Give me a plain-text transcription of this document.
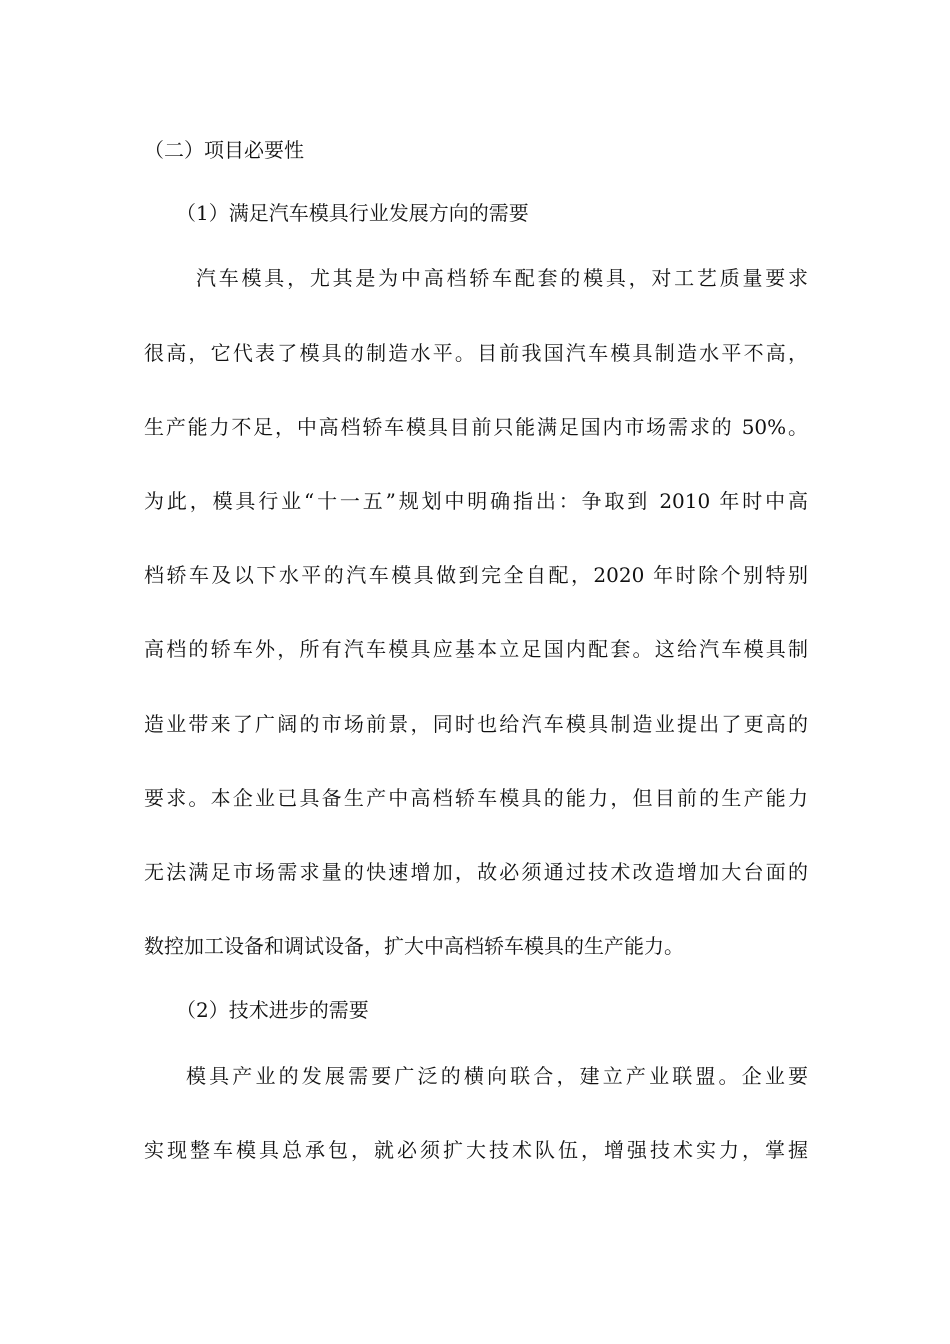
（二）项目必要性
（1）满足汽车模具行业发展方向的需要
汽车模具，尤其是为中高档轿车配套的模具，对工艺质量要求
很高，它代表了模具的制造水平。目前我国汽车模具制造水平不高，
生产能力不足，中高档轿车模具目前只能满足国内市场需求的 50%。
为此，模具行业“十一五”规划中明确指出：争取到 2010 年时中高
档轿车及以下水平的汽车模具做到完全自配，2020 年时除个别特别
高档的轿车外，所有汽车模具应基本立足国内配套。这给汽车模具制
造业带来了广阔的市场前景，同时也给汽车模具制造业提出了更高的
要求。本企业已具备生产中高档轿车模具的能力，但目前的生产能力
无法满足市场需求量的快速增加，故必须通过技术改造增加大台面的
数控加工设备和调试设备，扩大中高档轿车模具的生产能力。
（2）技术进步的需要
模具产业的发展需要广泛的横向联合，建立产业联盟。企业要
实现整车模具总承包，就必须扩大技术队伍，增强技术实力，掌握
